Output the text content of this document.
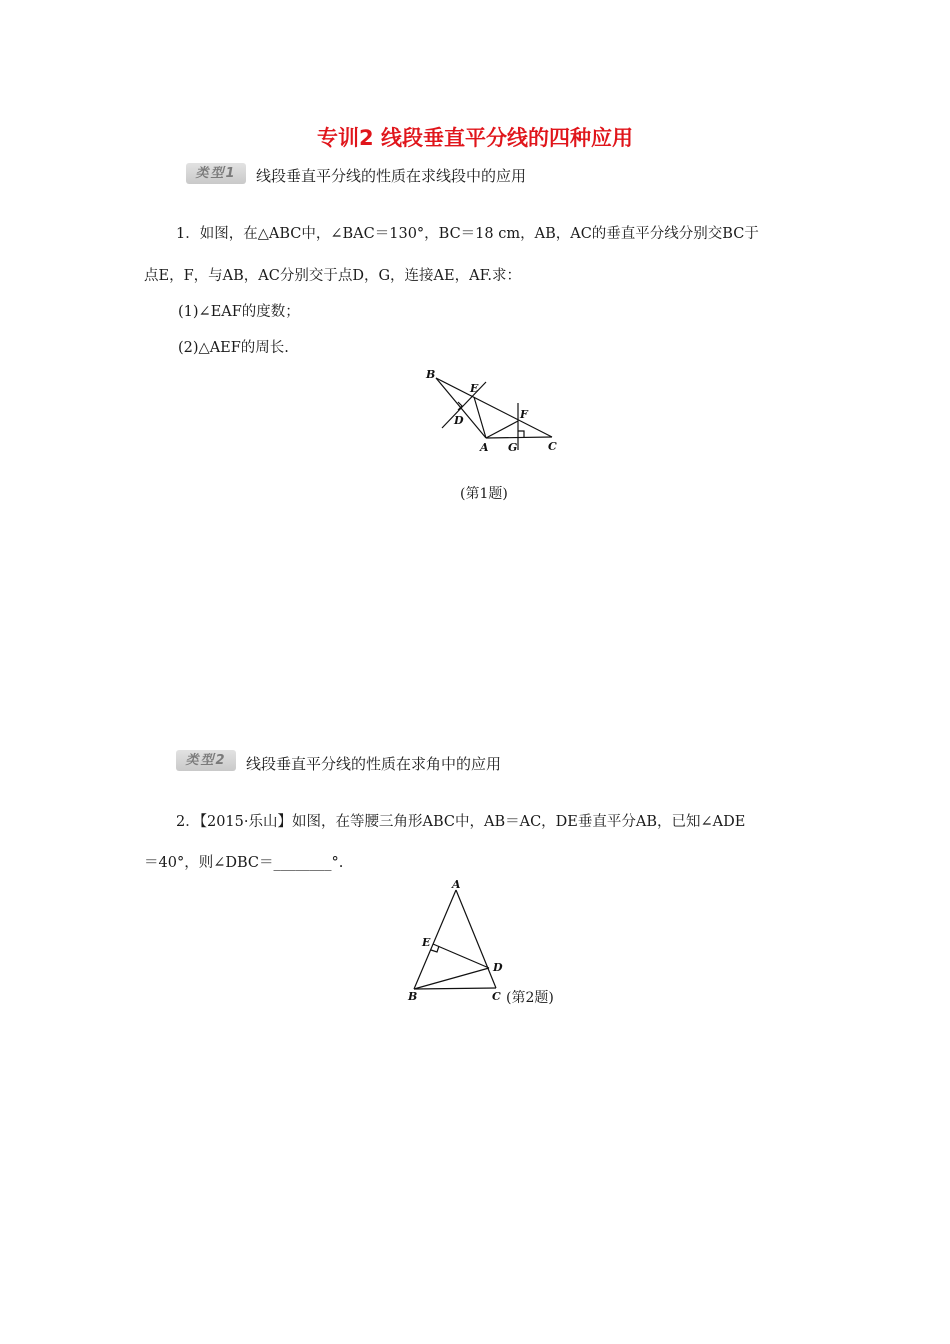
专训2 线段垂直平分线的四种应用
类型1	线段垂直平分线的性质在求线段中的应用
1．如图，在△ABC中，∠BAC＝130°，BC＝18 cm，AB，AC的垂直平分线分别交BC于
点E，F，与AB，AC分别交于点D，G，连接AE，AF.求：
(1)∠EAF的度数；
(2)△AEF的周长.
B
E
D	F
A G	C
(第1题)
类型2	线段垂直平分线的性质在求角中的应用
2．【2015·乐山】如图，在等腰三角形ABC中，AB＝AC，DE垂直平分AB，已知∠ADE
＝40°，则∠DBC＝________°.
A
E
D
B	C (第2题)
